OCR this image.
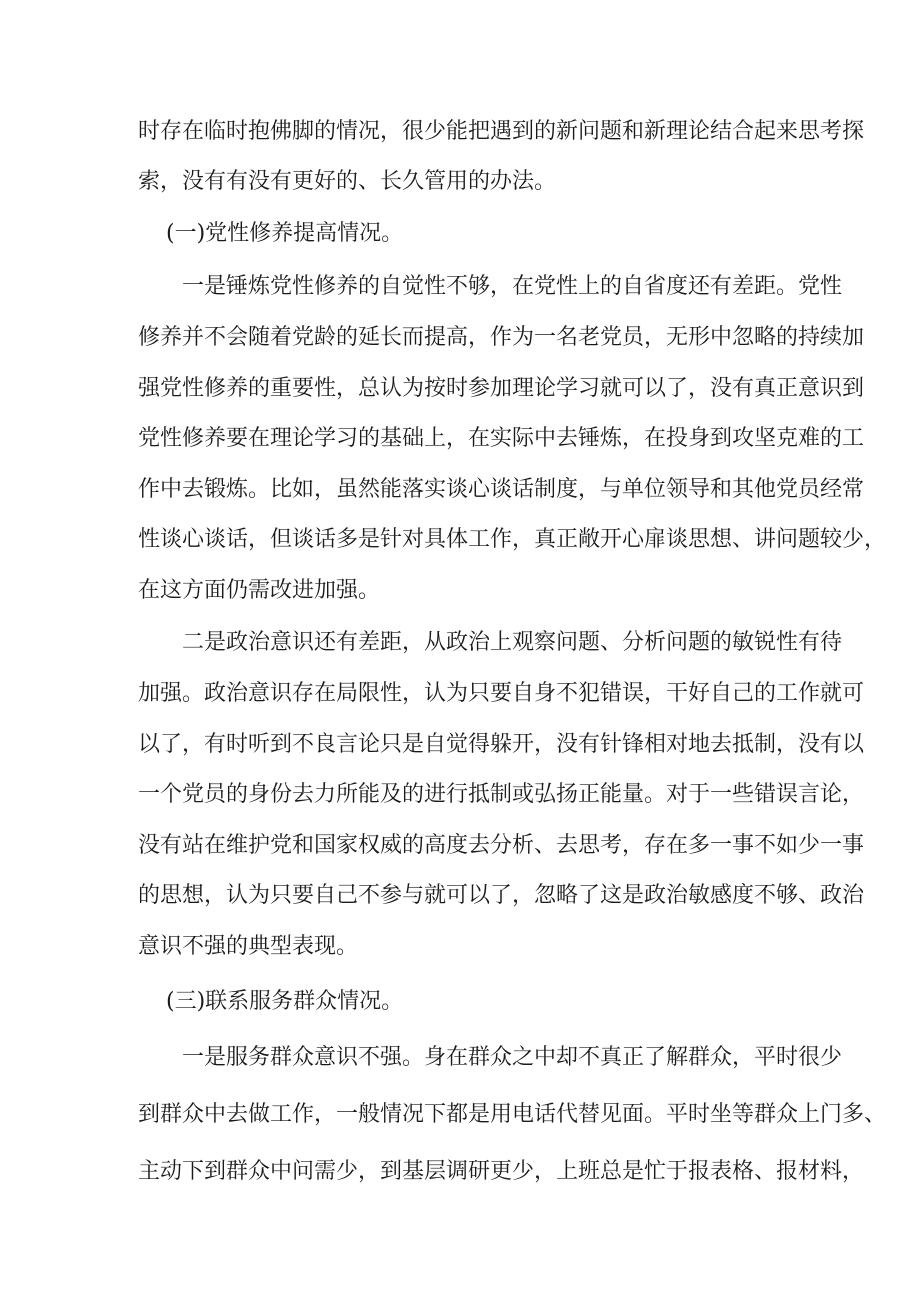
时存在临时抱佛脚的情况，很少能把遇到的新问题和新理论结合起来思考探
索，没有有没有更好的、长久管用的办法。
(一)党性修养提高情况。
一是锤炼党性修养的自觉性不够，在党性上的自省度还有差距。党性
修养并不会随着党龄的延长而提高，作为一名老党员，无形中忽略的持续加
强党性修养的重要性，总认为按时参加理论学习就可以了，没有真正意识到
党性修养要在理论学习的基础上，在实际中去锤炼，在投身到攻坚克难的工
作中去锻炼。比如，虽然能落实谈心谈话制度，与单位领导和其他党员经常
性谈心谈话，但谈话多是针对具体工作，真正敞开心扉谈思想、讲问题较少，
在这方面仍需改进加强。
二是政治意识还有差距，从政治上观察问题、分析问题的敏锐性有待
加强。政治意识存在局限性，认为只要自身不犯错误，干好自己的工作就可
以了，有时听到不良言论只是自觉得躲开，没有针锋相对地去抵制，没有以
一个党员的身份去力所能及的进行抵制或弘扬正能量。对于一些错误言论，
没有站在维护党和国家权威的高度去分析、去思考，存在多一事不如少一事
的思想，认为只要自己不参与就可以了，忽略了这是政治敏感度不够、政治
意识不强的典型表现。
(三)联系服务群众情况。
一是服务群众意识不强。身在群众之中却不真正了解群众，平时很少
到群众中去做工作，一般情况下都是用电话代替见面。平时坐等群众上门多、
主动下到群众中问需少，到基层调研更少，上班总是忙于报表格、报材料，
